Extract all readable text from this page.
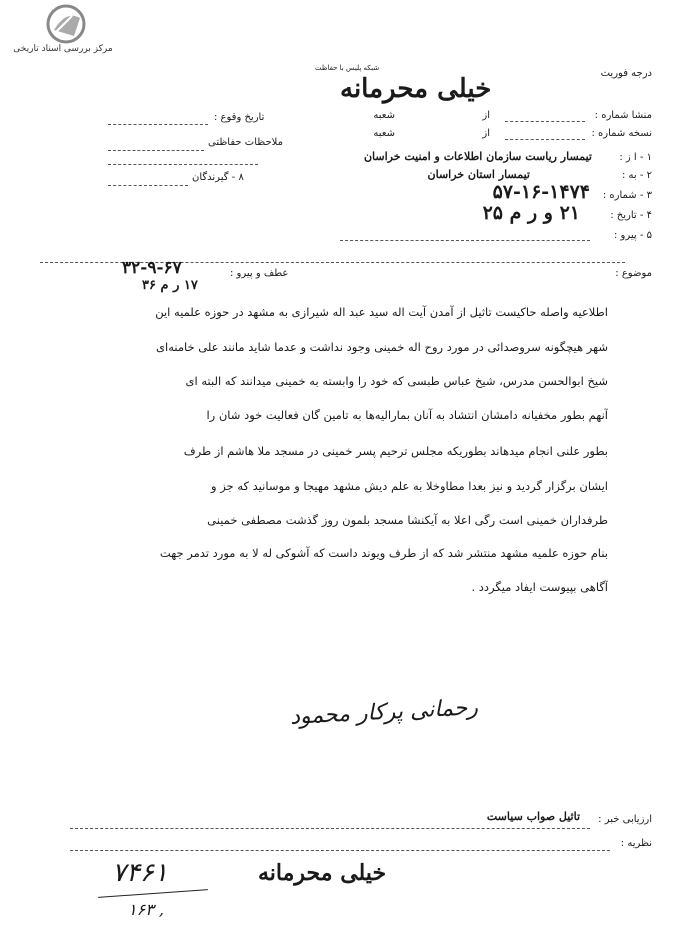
مرکز بررسی اسناد تاریخی
شبکه پلیس با حفاظت
خیلی محرمانه
درجه فوریت
تاریخ وقوع :
ملاحظات حفاظتی
۸ - گیرندگان
منشا شماره :
از
شعبه
نسخه شماره :
از
شعبه
۱ - ا ز :
تیمسار ریاست سازمان اطلاعات و امنیت خراسان
۲ - به :
تیمسار استان خراسان
۳ - شماره :
۵۷-۱۶-۱۴۷۴
۴ - تاریخ :
۲۱ و ر م ۲۵
۵ - پیرو :
موضوع :
عطف و پیرو :
۳۲-۹-۶۷
۱۷ ر م ۳۶
اطلاعیه واصله حاکیست تاثیل از آمدن آیت اله سید عبد اله شیرازی به مشهد در حوزه علمیه این
شهر هیچگونه سروصدائی در مورد روح اله خمینی وجود نداشت و عدما شاید مانند علی خامنه‌ای
شیخ ابوالحسن مدرس، شیخ عباس طبسی که خود را وابسته به خمینی میدانند که البته ای
آنهم بطور مخفیانه دامشان انتشاد به آنان بمارالیه‌ها به تامین گان فعالیت خود شان را
بطور علنی انجام میدهاند بطوریکه مجلس ترحیم پسر خمینی در مسجد ملا هاشم از طرف
ایشان برگزار گردید و نیز بعدا مطاوخلا به علم دیش مشهد مهیجا و موسانید که جز و
طرفداران خمینی است رگی اعلا به آیکنشا مسجد بلمون روز گذشت مصطفی خمینی
بنام حوزه علمیه مشهد منتشر شد که از طرف ویوند داست که آشوکی له لا به مورد تدمر جهت
آگاهی بپیوست ایفاد میگردد .
رحمانی پرکار محمود
ارزیابی خبر :
تاثیل صواب سیاست
نظریه :
خیلی محرمانه
۷۴۶۱
۱۶۳ ,
